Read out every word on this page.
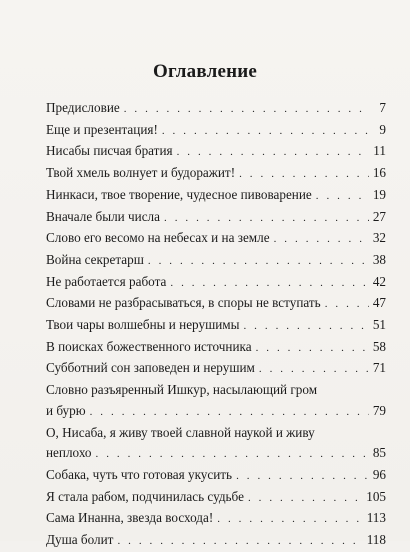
Оглавление
Предисловие . . .	7
Еще и презентация! . . .	9
Нисабы писчая братия . . .	11
Твой хмель волнует и будоражит! . . .	16
Нинкаси, твое творение, чудесное пивоварение . . .	19
Вначале были числа . . .	27
Слово его весомо на небесах и на земле . . .	32
Война секретарш . . .	38
Не работается работа . . .	42
Словами не разбрасываться, в споры не вступать . . .	47
Твои чары волшебны и нерушимы . . .	51
В поисках божественного источника . . .	58
Субботний сон заповеден и нерушим . . .	71
Словно разъяренный Ишкур, насылающий гром
и бурю . . .	79
О, Нисаба, я живу твоей славной наукой и живу
неплохо . . .	85
Собака, чуть что готовая укусить . . .	96
Я стала рабом, подчинилась судьбе . . .	105
Сама Инанна, звезда восхода! . . .	113
Душа болит . . .	118
